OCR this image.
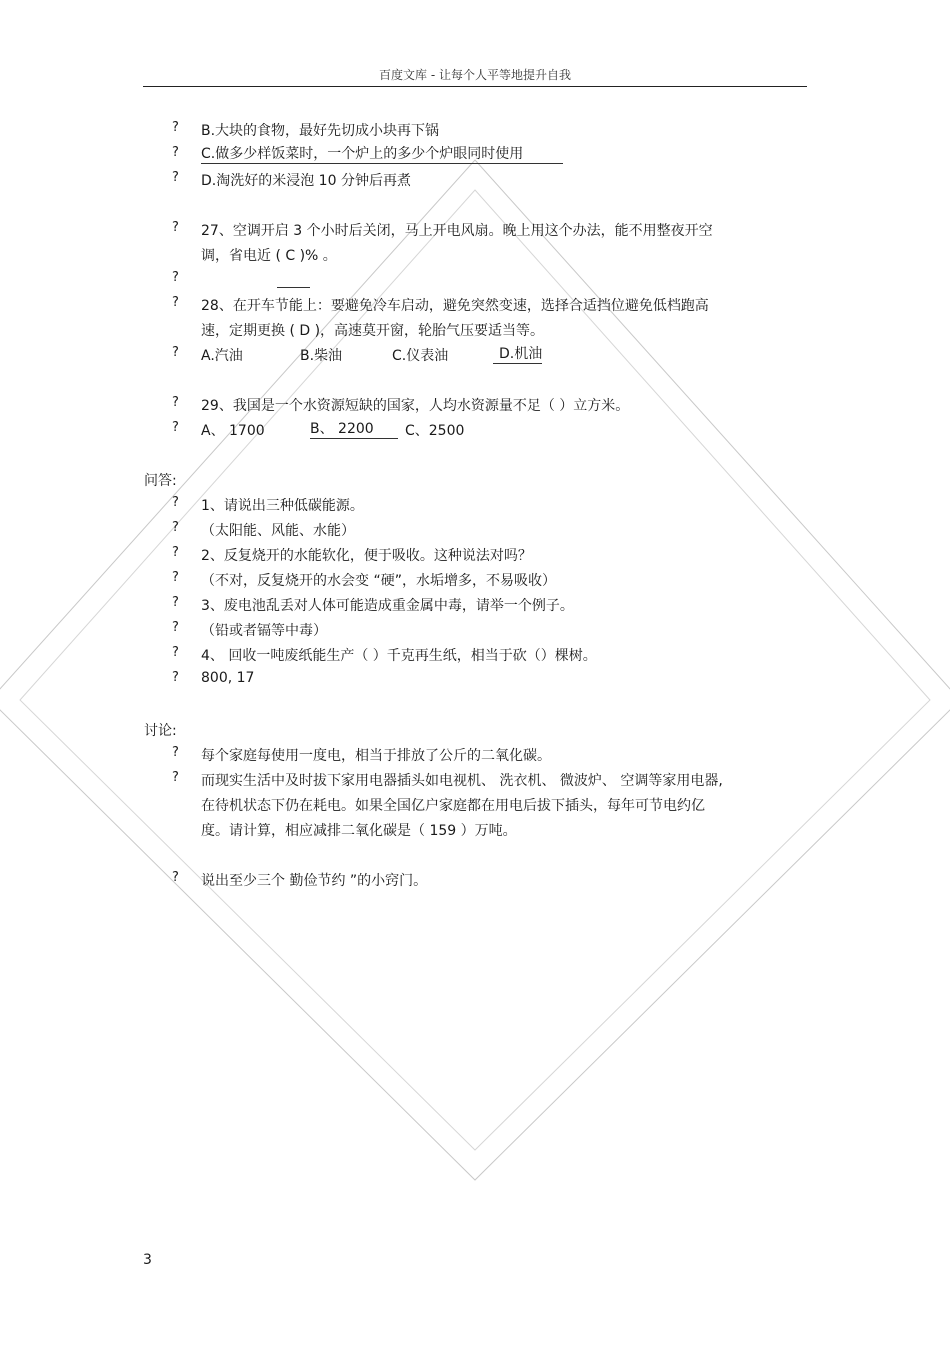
百度文库 - 让每个人平等地提升自我
?	B.大块的食物，最好先切成小块再下锅
?	C.做多少样饭菜时，一个炉上的多少个炉眼同时使用
?	D.淘洗好的米浸泡 10 分钟后再煮
?	27、空调开启 3 个小时后关闭，马上开电风扇。晚上用这个办法，能不用整夜开空
调，省电近 ( C )% 。
?
?	28、在开车节能上：要避免冷车启动，避免突然变速，选择合适挡位避免低档跑高
速，定期更换 ( D )，高速莫开窗，轮胎气压要适当等。
?	A.汽油	B.柴油	C.仪表油	D.机油
?	29、我国是一个水资源短缺的国家，人均水资源量不足（ ）立方米。
?	A、 1700	B、 2200	C、2500
问答:
?	1、请说出三种低碳能源。
?	（太阳能、风能、水能）
?	2、反复烧开的水能软化，便于吸收。这种说法对吗？
?	（不对，反复烧开的水会变 “硬”，水垢增多，不易吸收）
?	3、废电池乱丢对人体可能造成重金属中毒，请举一个例子。
?	（铅或者镉等中毒）
?	4、 回收一吨废纸能生产（ ）千克再生纸，相当于砍（）棵树。
?	800, 17
讨论:
?	每个家庭每使用一度电，相当于排放了公斤的二氧化碳。
?	而现实生活中及时拔下家用电器插头如电视机、 洗衣机、 微波炉、 空调等家用电器,
在待机状态下仍在耗电。如果全国亿户家庭都在用电后拔下插头，每年可节电约亿
度。请计算，相应减排二氧化碳是（ 159 ）万吨。
?	说出至少三个 勤俭节约 ”的小窍门。
3
